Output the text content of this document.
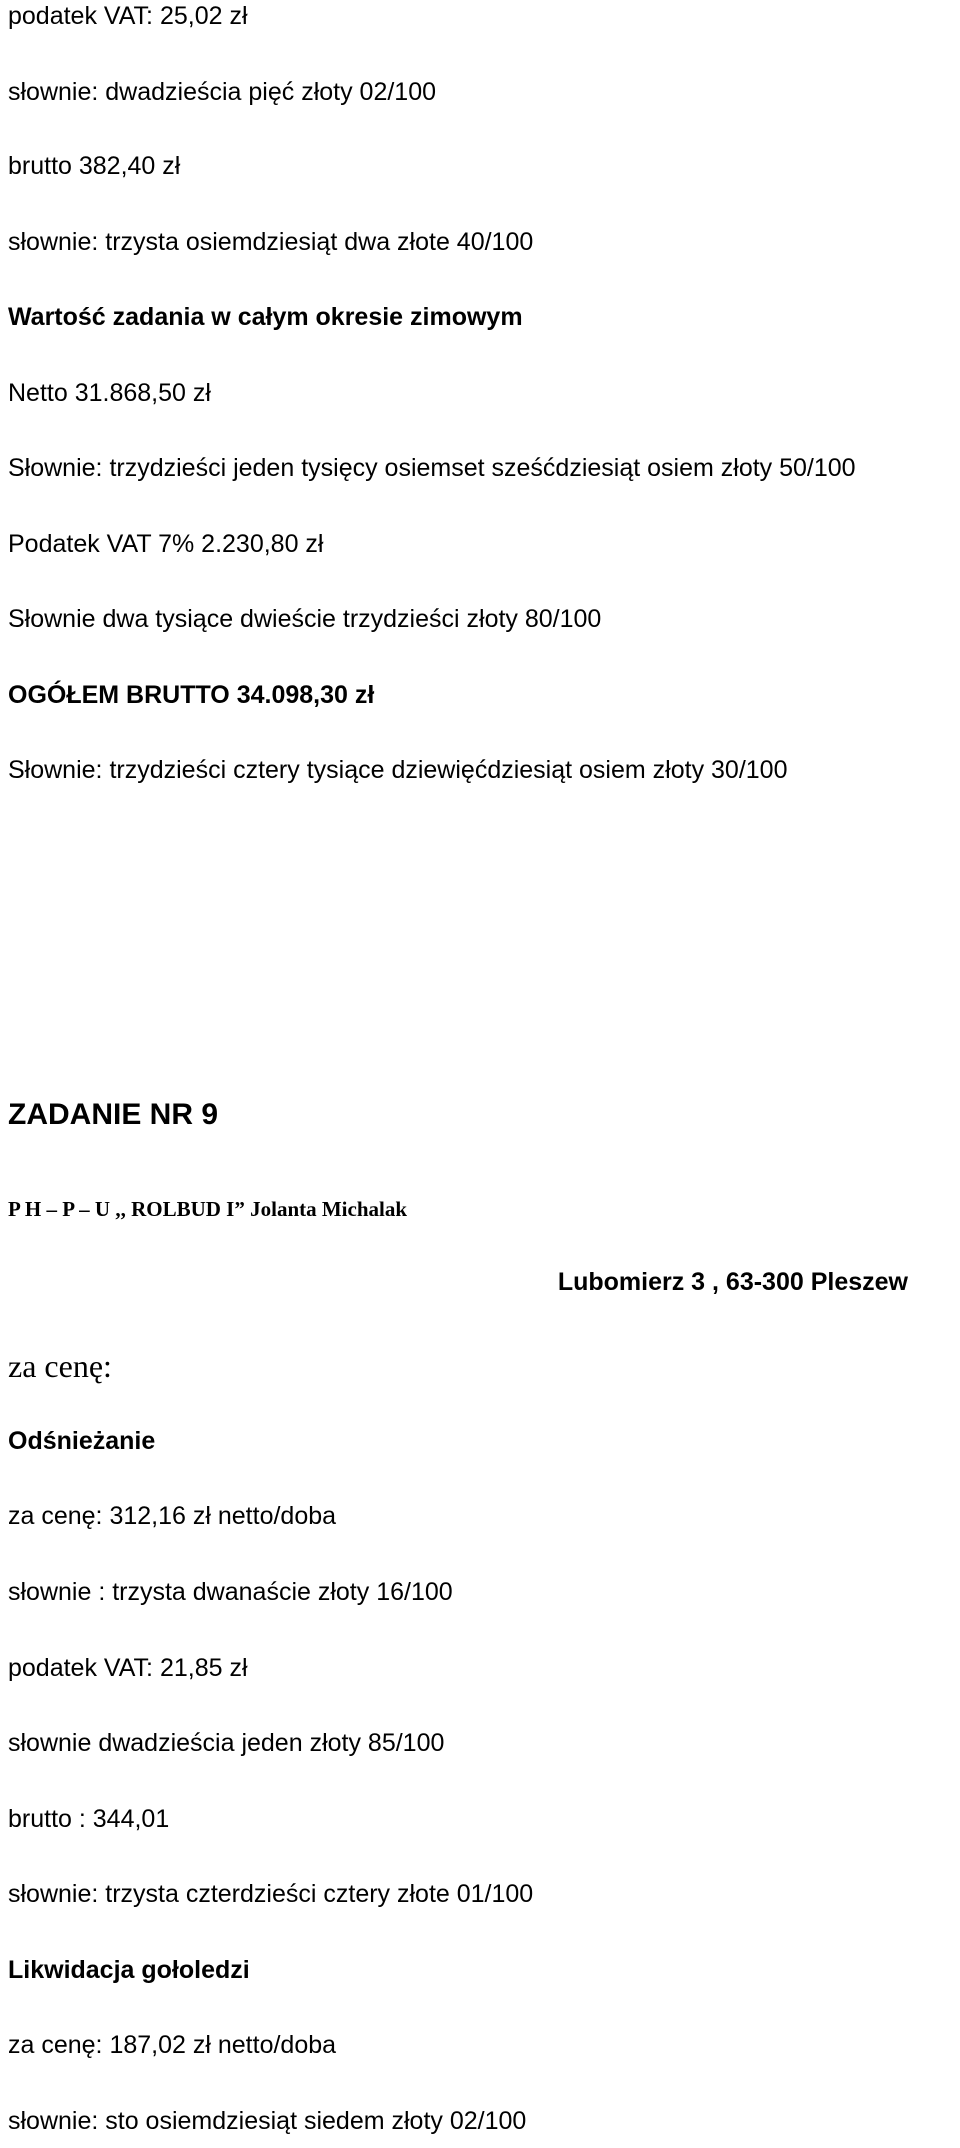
podatek VAT: 25,02 zł

słownie: dwadzieścia pięć złoty 02/100

brutto 382,40 zł

słownie: trzysta osiemdziesiąt dwa złote 40/100

Wartość zadania w całym okresie zimowym

Netto 31.868,50 zł

Słownie: trzydzieści jeden tysięcy osiemset sześćdziesiąt osiem złoty 50/100

Podatek VAT 7% 2.230,80 zł

Słownie dwa tysiące dwieście trzydzieści złoty 80/100

OGÓŁEM BRUTTO 34.098,30 zł

Słownie: trzydzieści cztery tysiące dziewięćdziesiąt osiem złoty 30/100

ZADANIE NR 9

P H – P – U ,, ROLBUD I” Jolanta Michalak

Lubomierz 3 , 63-300 Pleszew

za cenę:

Odśnieżanie

za cenę: 312,16 zł netto/doba

słownie : trzysta dwanaście złoty 16/100

podatek VAT: 21,85 zł

słownie dwadzieścia jeden złoty 85/100

brutto : 344,01

słownie: trzysta czterdzieści cztery złote 01/100

Likwidacja gołoledzi

za cenę: 187,02 zł netto/doba

słownie: sto osiemdziesiąt siedem złoty 02/100
